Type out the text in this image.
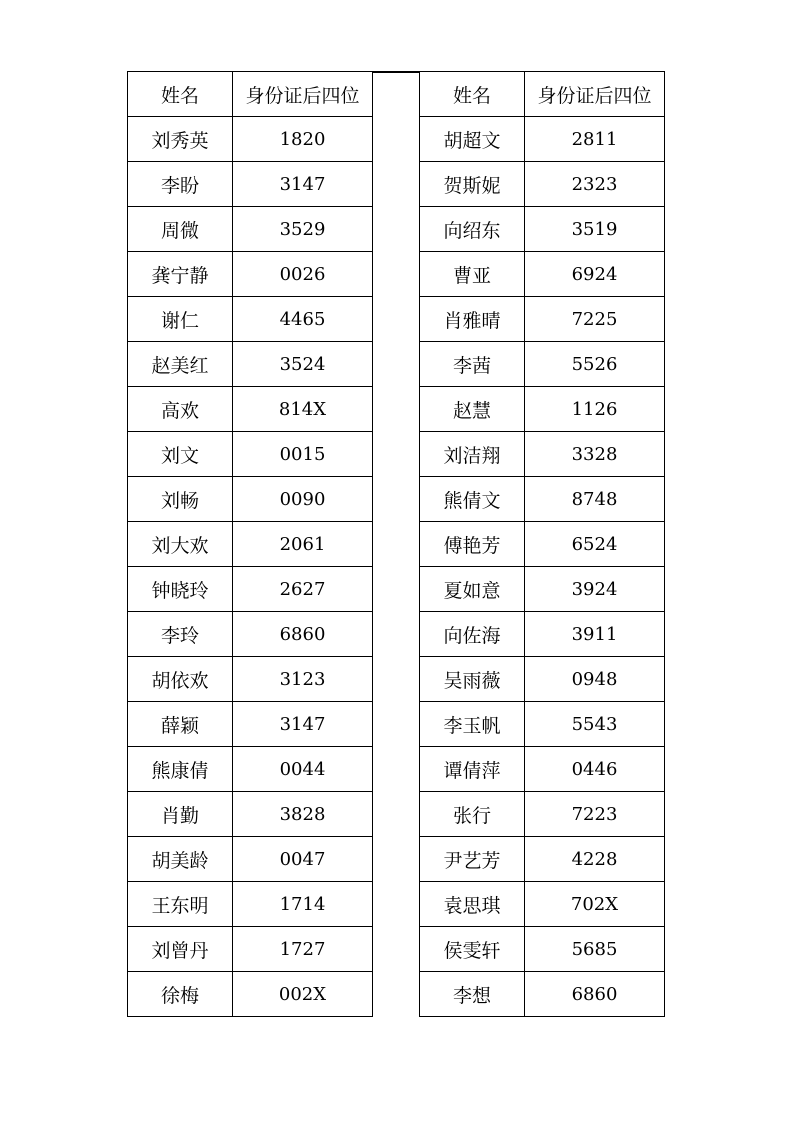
姓名	身份证后四位
刘秀英	1820
李盼	3147
周微	3529
龚宁静	0026
谢仁	4465
赵美红	3524
高欢	814X
刘文	0015
刘畅	0090
刘大欢	2061
钟晓玲	2627
李玲	6860
胡依欢	3123
薛颖	3147
熊康倩	0044
肖勤	3828
胡美龄	0047
王东明	1714
刘曾丹	1727
徐梅	002X
姓名	身份证后四位
胡超文	2811
贺斯妮	2323
向绍东	3519
曹亚	6924
肖雅晴	7225
李茜	5526
赵慧	1126
刘洁翔	3328
熊倩文	8748
傅艳芳	6524
夏如意	3924
向佐海	3911
吴雨薇	0948
李玉帆	5543
谭倩萍	0446
张行	7223
尹艺芳	4228
袁思琪	702X
侯雯轩	5685
李想	6860
